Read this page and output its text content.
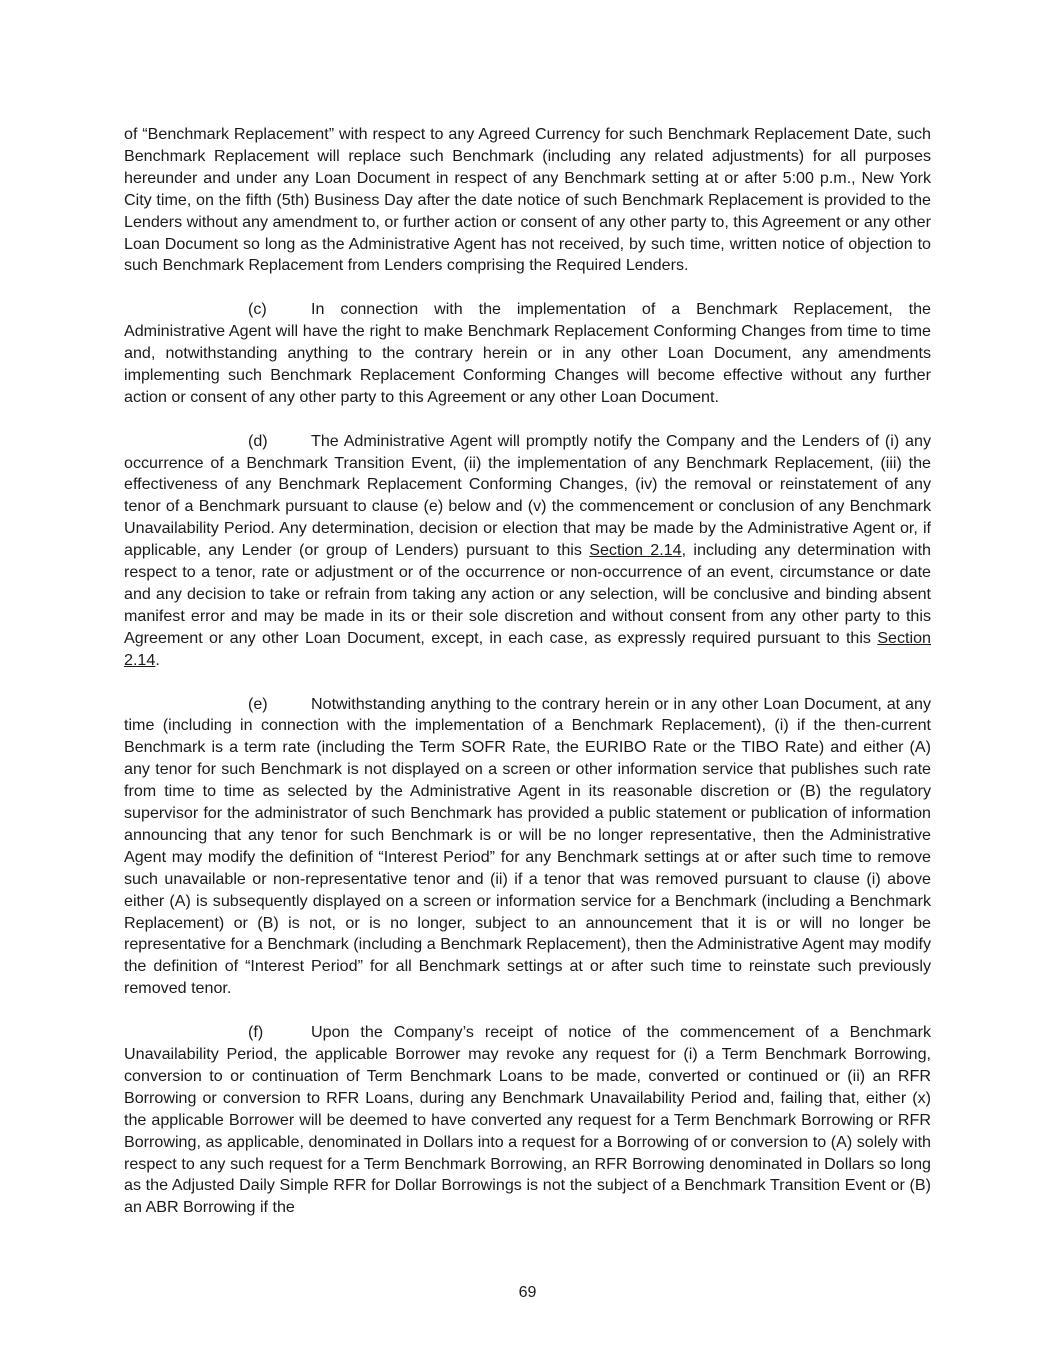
of “Benchmark Replacement” with respect to any Agreed Currency for such Benchmark Replacement Date, such Benchmark Replacement will replace such Benchmark (including any related adjustments) for all purposes hereunder and under any Loan Document in respect of any Benchmark setting at or after 5:00 p.m., New York City time, on the fifth (5th) Business Day after the date notice of such Benchmark Replacement is provided to the Lenders without any amendment to, or further action or consent of any other party to, this Agreement or any other Loan Document so long as the Administrative Agent has not received, by such time, written notice of objection to such Benchmark Replacement from Lenders comprising the Required Lenders.

(c)	In connection with the implementation of a Benchmark Replacement, the Administrative Agent will have the right to make Benchmark Replacement Conforming Changes from time to time and, notwithstanding anything to the contrary herein or in any other Loan Document, any amendments implementing such Benchmark Replacement Conforming Changes will become effective without any further action or consent of any other party to this Agreement or any other Loan Document.

(d)	The Administrative Agent will promptly notify the Company and the Lenders of (i) any occurrence of a Benchmark Transition Event, (ii) the implementation of any Benchmark Replacement, (iii) the effectiveness of any Benchmark Replacement Conforming Changes, (iv) the removal or reinstatement of any tenor of a Benchmark pursuant to clause (e) below and (v) the commencement or conclusion of any Benchmark Unavailability Period. Any determination, decision or election that may be made by the Administrative Agent or, if applicable, any Lender (or group of Lenders) pursuant to this Section 2.14, including any determination with respect to a tenor, rate or adjustment or of the occurrence or non-occurrence of an event, circumstance or date and any decision to take or refrain from taking any action or any selection, will be conclusive and binding absent manifest error and may be made in its or their sole discretion and without consent from any other party to this Agreement or any other Loan Document, except, in each case, as expressly required pursuant to this Section 2.14.

(e)	Notwithstanding anything to the contrary herein or in any other Loan Document, at any time (including in connection with the implementation of a Benchmark Replacement), (i) if the then-current Benchmark is a term rate (including the Term SOFR Rate, the EURIBO Rate or the TIBO Rate) and either (A) any tenor for such Benchmark is not displayed on a screen or other information service that publishes such rate from time to time as selected by the Administrative Agent in its reasonable discretion or (B) the regulatory supervisor for the administrator of such Benchmark has provided a public statement or publication of information announcing that any tenor for such Benchmark is or will be no longer representative, then the Administrative Agent may modify the definition of “Interest Period” for any Benchmark settings at or after such time to remove such unavailable or non-representative tenor and (ii) if a tenor that was removed pursuant to clause (i) above either (A) is subsequently displayed on a screen or information service for a Benchmark (including a Benchmark Replacement) or (B) is not, or is no longer, subject to an announcement that it is or will no longer be representative for a Benchmark (including a Benchmark Replacement), then the Administrative Agent may modify the definition of “Interest Period” for all Benchmark settings at or after such time to reinstate such previously removed tenor.

(f)	Upon the Company’s receipt of notice of the commencement of a Benchmark Unavailability Period, the applicable Borrower may revoke any request for (i) a Term Benchmark Borrowing, conversion to or continuation of Term Benchmark Loans to be made, converted or continued or (ii) an RFR Borrowing or conversion to RFR Loans, during any Benchmark Unavailability Period and, failing that, either (x) the applicable Borrower will be deemed to have converted any request for a Term Benchmark Borrowing or RFR Borrowing, as applicable, denominated in Dollars into a request for a Borrowing of or conversion to (A) solely with respect to any such request for a Term Benchmark Borrowing, an RFR Borrowing denominated in Dollars so long as the Adjusted Daily Simple RFR for Dollar Borrowings is not the subject of a Benchmark Transition Event or (B) an ABR Borrowing if the

69
